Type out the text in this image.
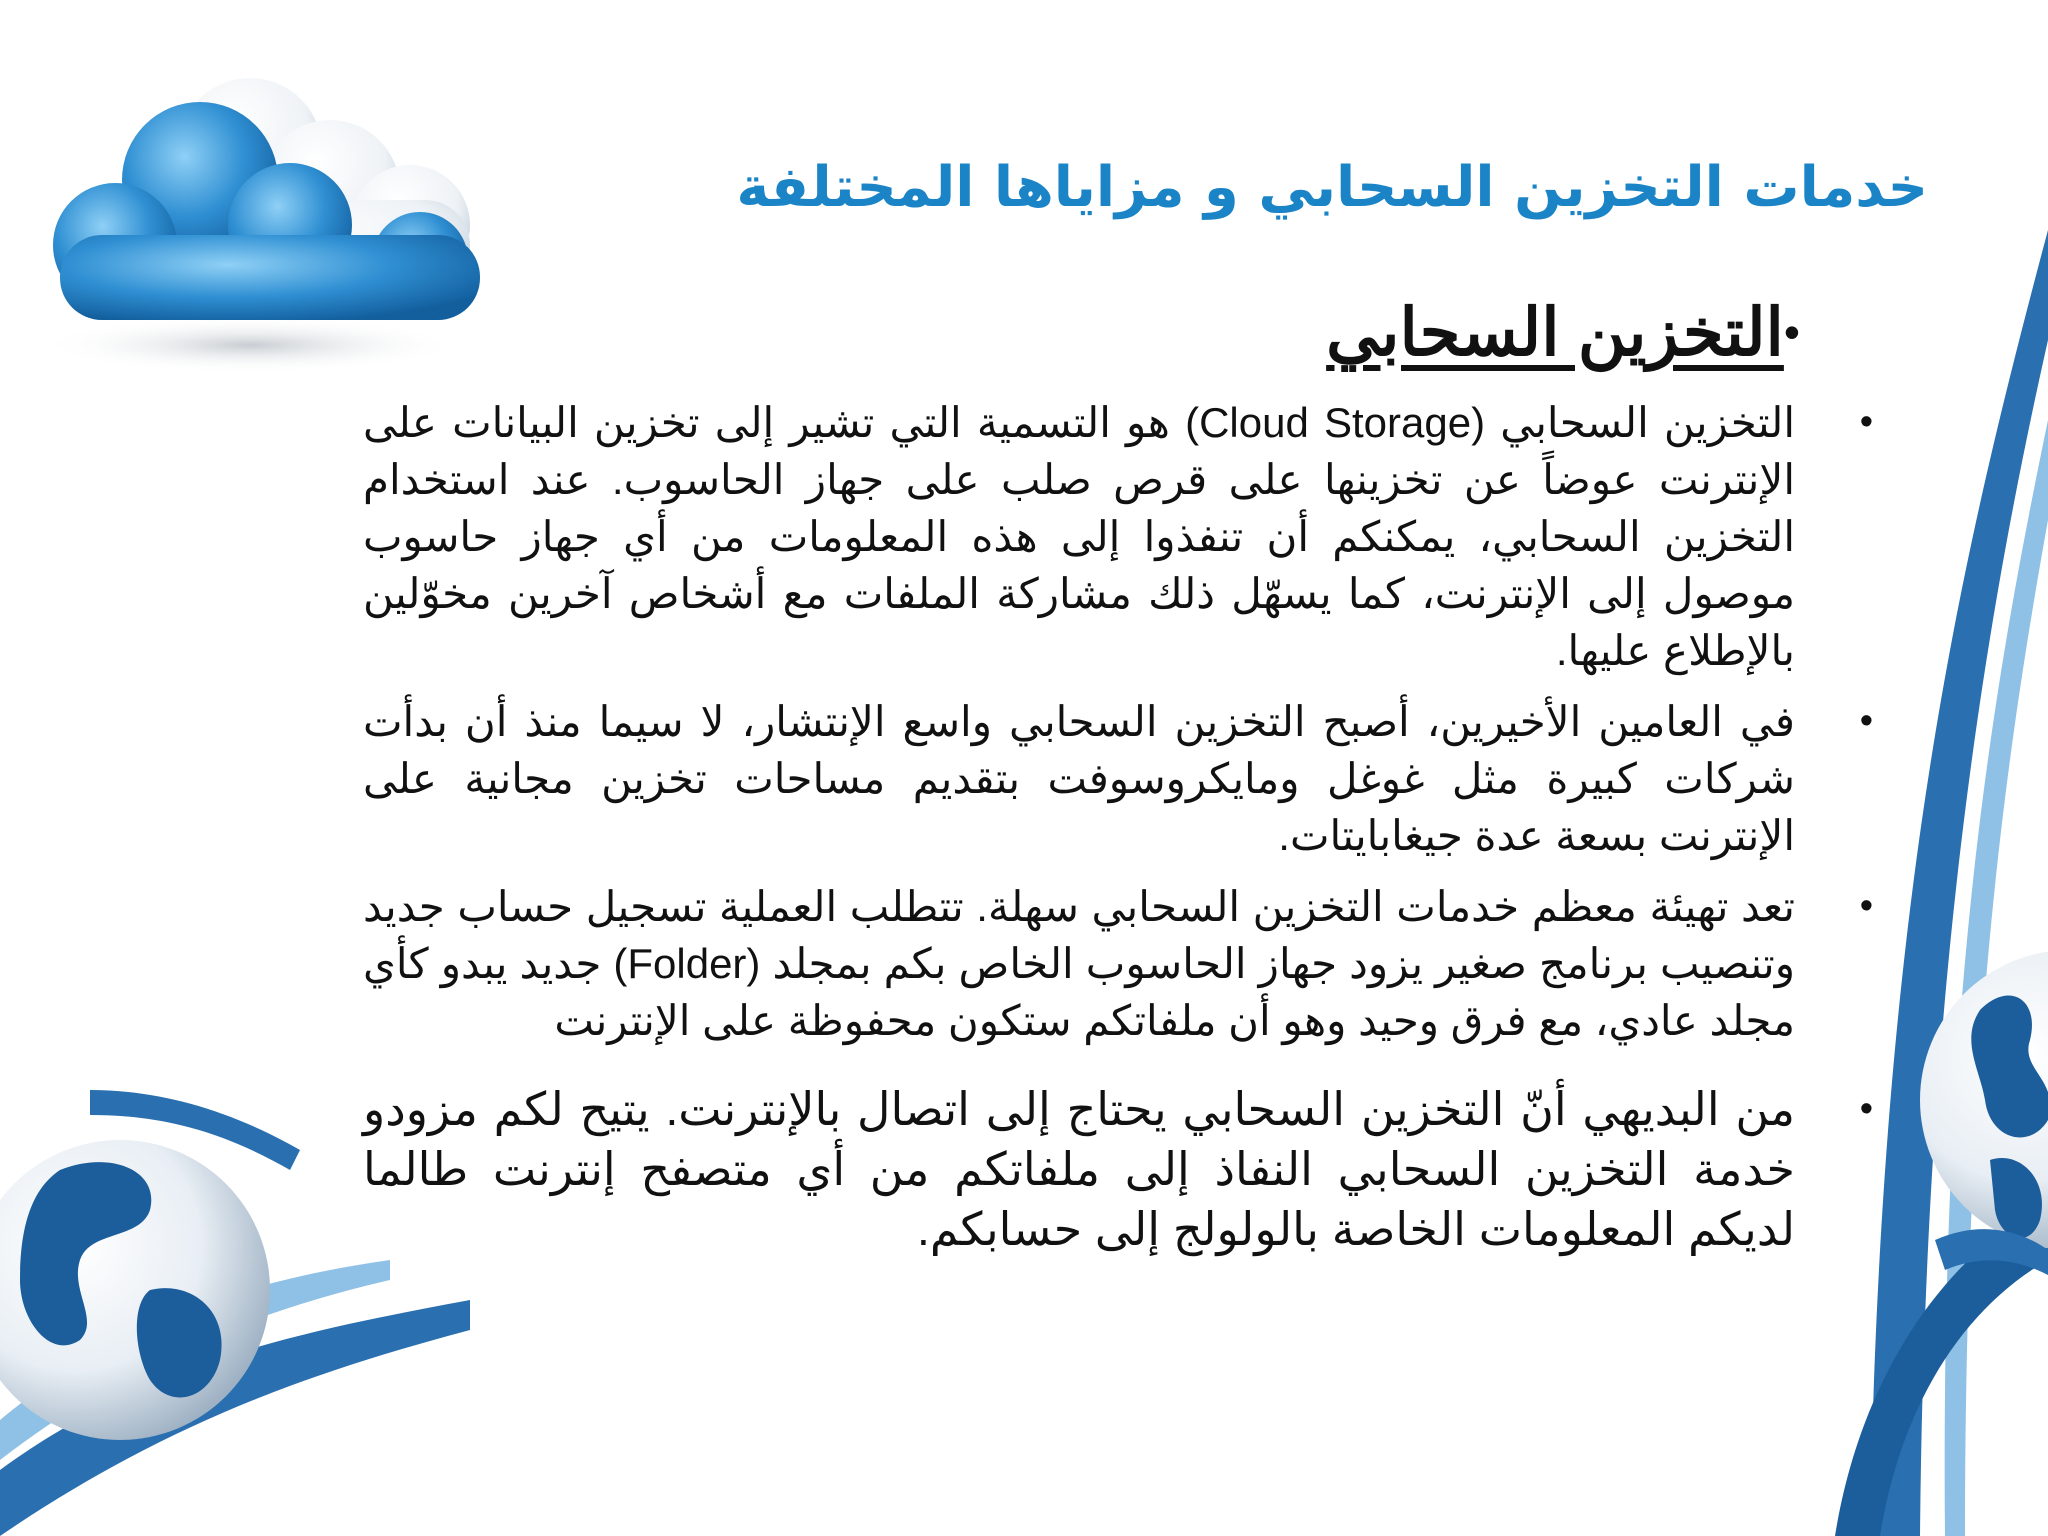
خدمات التخزين السحابي و مزاياها المختلفة
•
التخزين السحابي
•
التخزين السحابي (Cloud Storage) هو التسمية التي تشير إلى تخزين البيانات على الإنترنت عوضاً عن تخزينها على قرص صلب على جهاز الحاسوب. عند استخدام التخزين السحابي، يمكنكم أن تنفذوا إلى هذه المعلومات من أي جهاز حاسوب موصول إلى الإنترنت، كما يسهّل ذلك مشاركة الملفات مع أشخاص آخرين مخوّلين بالإطلاع عليها.
•
في العامين الأخيرين، أصبح التخزين السحابي واسع الإنتشار، لا سيما منذ أن بدأت شركات كبيرة مثل غوغل ومايكروسوفت بتقديم مساحات تخزين مجانية على الإنترنت بسعة عدة جيغابايتات.
•
تعد تهيئة معظم خدمات التخزين السحابي سهلة. تتطلب العملية تسجيل حساب جديد وتنصيب برنامج صغير يزود جهاز الحاسوب الخاص بكم بمجلد (Folder) جديد يبدو كأي مجلد عادي، مع فرق وحيد وهو أن ملفاتكم ستكون محفوظة على الإنترنت
•
من البديهي أنّ التخزين السحابي يحتاج إلى اتصال بالإنترنت. يتيح لكم مزودو خدمة التخزين السحابي النفاذ إلى ملفاتكم من أي متصفح إنترنت طالما لديكم المعلومات الخاصة بالولولج إلى حسابكم.
